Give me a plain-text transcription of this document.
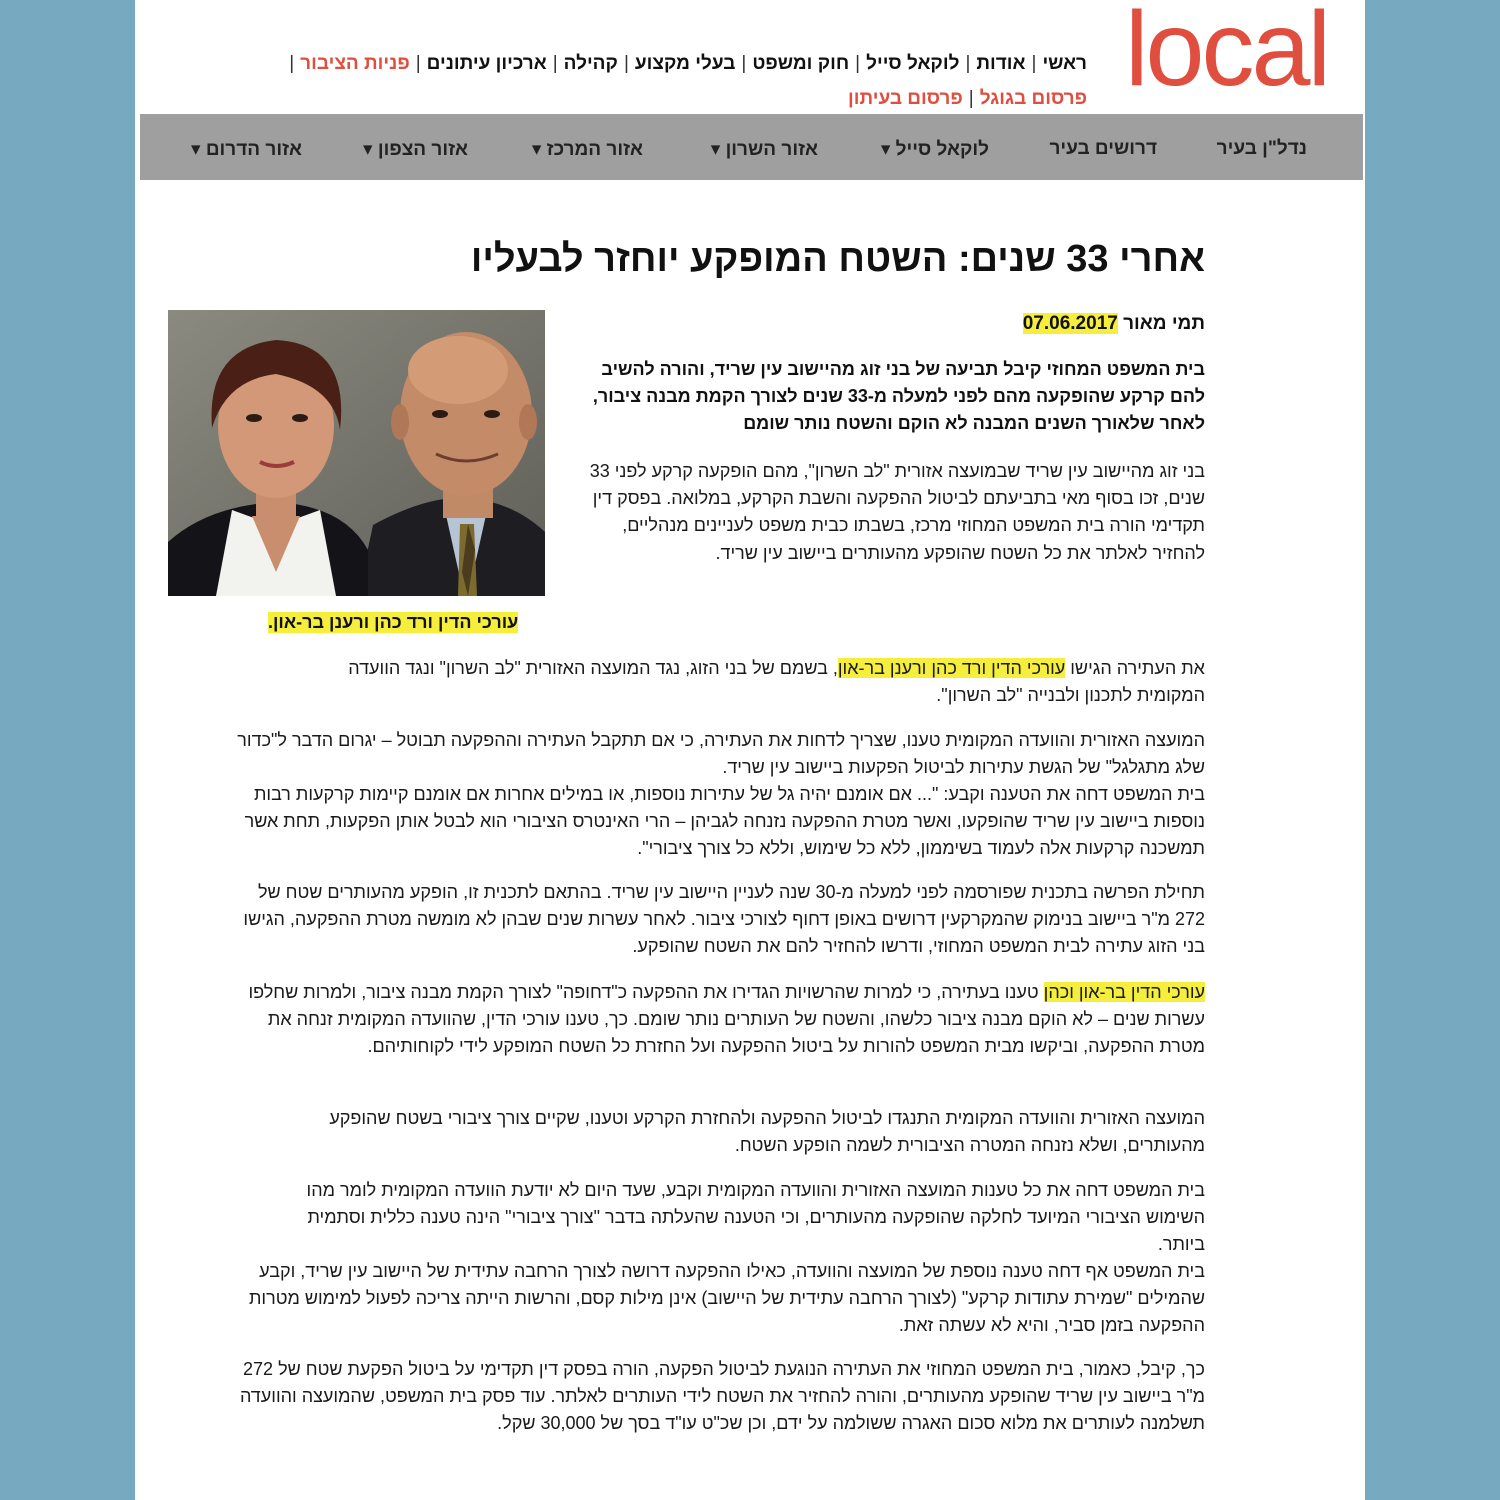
local
ראשי|אודות|לוקאל סייל|חוק ומשפט|בעלי מקצוע|קהילה|ארכיון עיתונים|פניות הציבור|
פרסום בגוגל|פרסום בעיתון
נדל"ן בעיר
דרושים בעיר
לוקאל סייל ▾
אזור השרון ▾
אזור המרכז ▾
אזור הצפון ▾
אזור הדרום ▾
אחרי 33 שנים: השטח המופקע יוחזר לבעליו
תמי מאור 07.06.2017

בית המשפט המחוזי קיבל תביעה של בני זוג מהיישוב עין שריד, והורה להשיב להם קרקע שהופקעה מהם לפני למעלה מ-33 שנים לצורך הקמת מבנה ציבור, לאחר שלאורך השנים המבנה לא הוקם והשטח נותר שומם

עורכי הדין ורד כהן ורענן בר-און.

בני זוג מהיישוב עין שריד שבמועצה אזורית "לב השרון", מהם הופקעה קרקע לפני 33 שנים, זכו בסוף מאי בתביעתם לביטול ההפקעה והשבת הקרקע, במלואה. בפסק דין תקדימי הורה בית המשפט המחוזי מרכז, בשבתו כבית משפט לעניינים מנהליים, להחזיר לאלתר את כל השטח שהופקע מהעותרים ביישוב עין שריד.

את העתירה הגישו עורכי הדין ורד כהן ורענן בר-און, בשמם של בני הזוג, נגד המועצה האזורית "לב השרון" ונגד הוועדה המקומית לתכנון ולבנייה "לב השרון".

המועצה האזורית והוועדה המקומית טענו, שצריך לדחות את העתירה, כי אם תתקבל העתירה וההפקעה תבוטל – יגרום הדבר ל"כדור שלג מתגלגל" של הגשת עתירות לביטול הפקעות ביישוב עין שריד.

בית המשפט דחה את הטענה וקבע: "... אם אומנם יהיה גל של עתירות נוספות, או במילים אחרות אם אומנם קיימות קרקעות רבות נוספות ביישוב עין שריד שהופקעו, ואשר מטרת ההפקעה נזנחה לגביהן – הרי האינטרס הציבורי הוא לבטל אותן הפקעות, תחת אשר תמשכנה קרקעות אלה לעמוד בשיממון, ללא כל שימוש, וללא כל צורך ציבורי".

תחילת הפרשה בתכנית שפורסמה לפני למעלה מ-30 שנה לעניין היישוב עין שריד. בהתאם לתכנית זו, הופקע מהעותרים שטח של 272 מ"ר ביישוב בנימוק שהמקרקעין דרושים באופן דחוף לצורכי ציבור. לאחר עשרות שנים שבהן לא מומשה מטרת ההפקעה, הגישו בני הזוג עתירה לבית המשפט המחוזי, ודרשו להחזיר להם את השטח שהופקע.

עורכי הדין בר-און וכהן טענו בעתירה, כי למרות שהרשויות הגדירו את ההפקעה כ"דחופה" לצורך הקמת מבנה ציבור, ולמרות שחלפו עשרות שנים – לא הוקם מבנה ציבור כלשהו, והשטח של העותרים נותר שומם. כך, טענו עורכי הדין, שהוועדה המקומית זנחה את מטרת ההפקעה, וביקשו מבית המשפט להורות על ביטול ההפקעה ועל החזרת כל השטח המופקע לידי לקוחותיהם.

המועצה האזורית והוועדה המקומית התנגדו לביטול ההפקעה ולהחזרת הקרקע וטענו, שקיים צורך ציבורי בשטח שהופקע מהעותרים, ושלא נזנחה המטרה הציבורית לשמה הופקע השטח.

בית המשפט דחה את כל טענות המועצה האזורית והוועדה המקומית וקבע, שעד היום לא יודעת הוועדה המקומית לומר מהו השימוש הציבורי המיועד לחלקה שהופקעה מהעותרים, וכי הטענה שהעלתה בדבר "צורך ציבורי" הינה טענה כללית וסתמית ביותר.

בית המשפט אף דחה טענה נוספת של המועצה והוועדה, כאילו ההפקעה דרושה לצורך הרחבה עתידית של היישוב עין שריד, וקבע שהמילים "שמירת עתודות קרקע" (לצורך הרחבה עתידית של היישוב) אינן מילות קסם, והרשות הייתה צריכה לפעול למימוש מטרות ההפקעה בזמן סביר, והיא לא עשתה זאת.

כך, קיבל, כאמור, בית המשפט המחוזי את העתירה הנוגעת לביטול הפקעה, הורה בפסק דין תקדימי על ביטול הפקעת שטח של 272 מ"ר ביישוב עין שריד שהופקע מהעותרים, והורה להחזיר את השטח לידי העותרים לאלתר. עוד פסק בית המשפט, שהמועצה והוועדה תשלמנה לעותרים את מלוא סכום האגרה ששולמה על ידם, וכן שכ"ט עו"ד בסך של 30,000 שקל.
